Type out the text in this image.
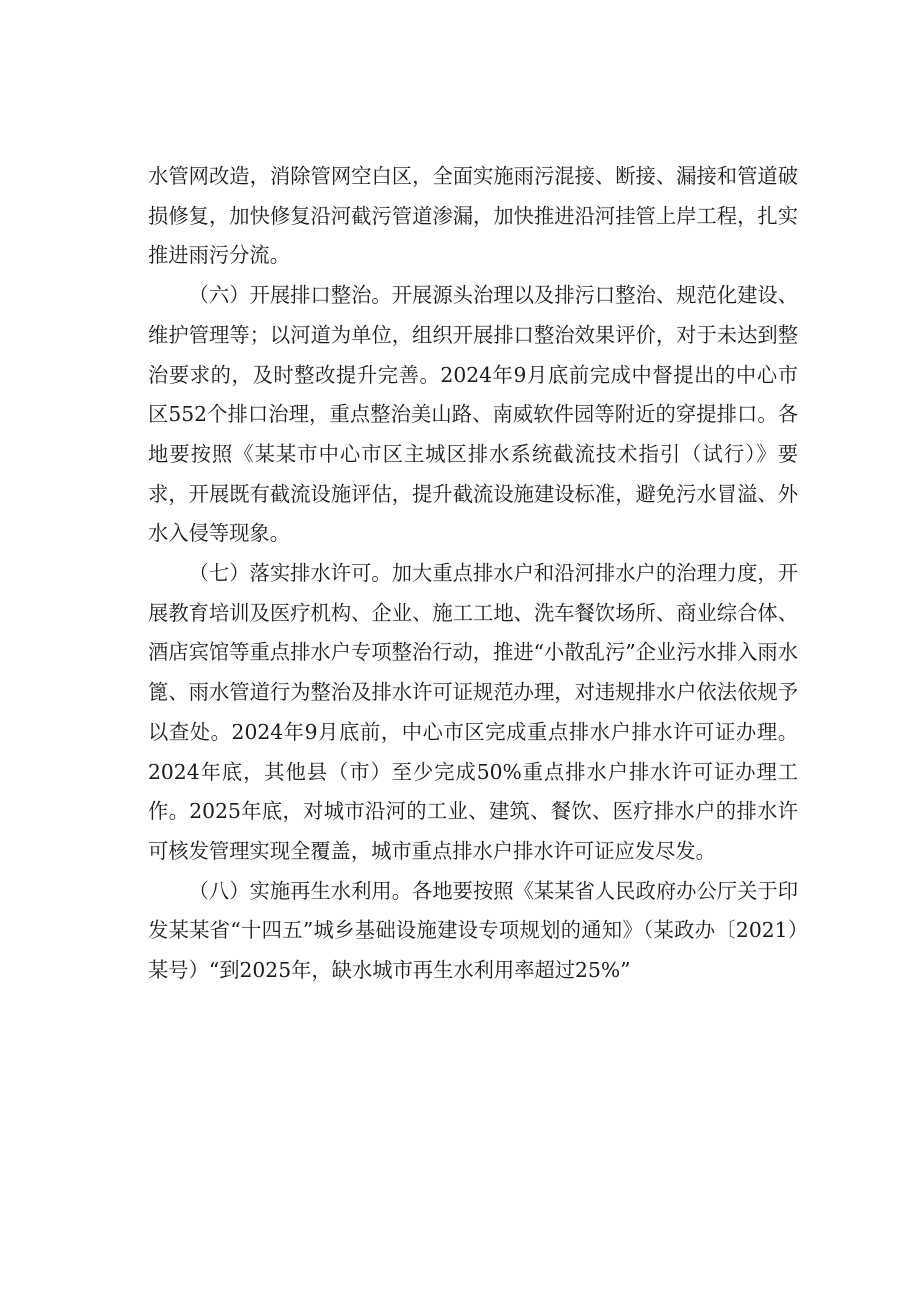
水管网改造，消除管网空白区，全面实施雨污混接、断接、漏接和管道破损修复，加快修复沿河截污管道渗漏，加快推进沿河挂管上岸工程，扎实推进雨污分流。

（六）开展排口整治。开展源头治理以及排污口整治、规范化建设、维护管理等；以河道为单位，组织开展排口整治效果评价，对于未达到整治要求的，及时整改提升完善。2024年9月底前完成中督提出的中心市区552个排口治理，重点整治美山路、南威软件园等附近的穿提排口。各地要按照《某某市中心市区主城区排水系统截流技术指引（试行）》要求，开展既有截流设施评估，提升截流设施建设标准，避免污水冒溢、外水入侵等现象。

（七）落实排水许可。加大重点排水户和沿河排水户的治理力度，开展教育培训及医疗机构、企业、施工工地、洗车餐饮场所、商业综合体、酒店宾馆等重点排水户专项整治行动，推进“小散乱污”企业污水排入雨水篦、雨水管道行为整治及排水许可证规范办理，对违规排水户依法依规予以查处。2024年9月底前，中心市区完成重点排水户排水许可证办理。2024年底，其他县（市）至少完成50%重点排水户排水许可证办理工作。2025年底，对城市沿河的工业、建筑、餐饮、医疗排水户的排水许可核发管理实现全覆盖，城市重点排水户排水许可证应发尽发。

（八）实施再生水利用。各地要按照《某某省人民政府办公厅关于印发某某省“十四五”城乡基础设施建设专项规划的通知》（某政办〔2021）某号）“到2025年，缺水城市再生水利用率超过25%”
